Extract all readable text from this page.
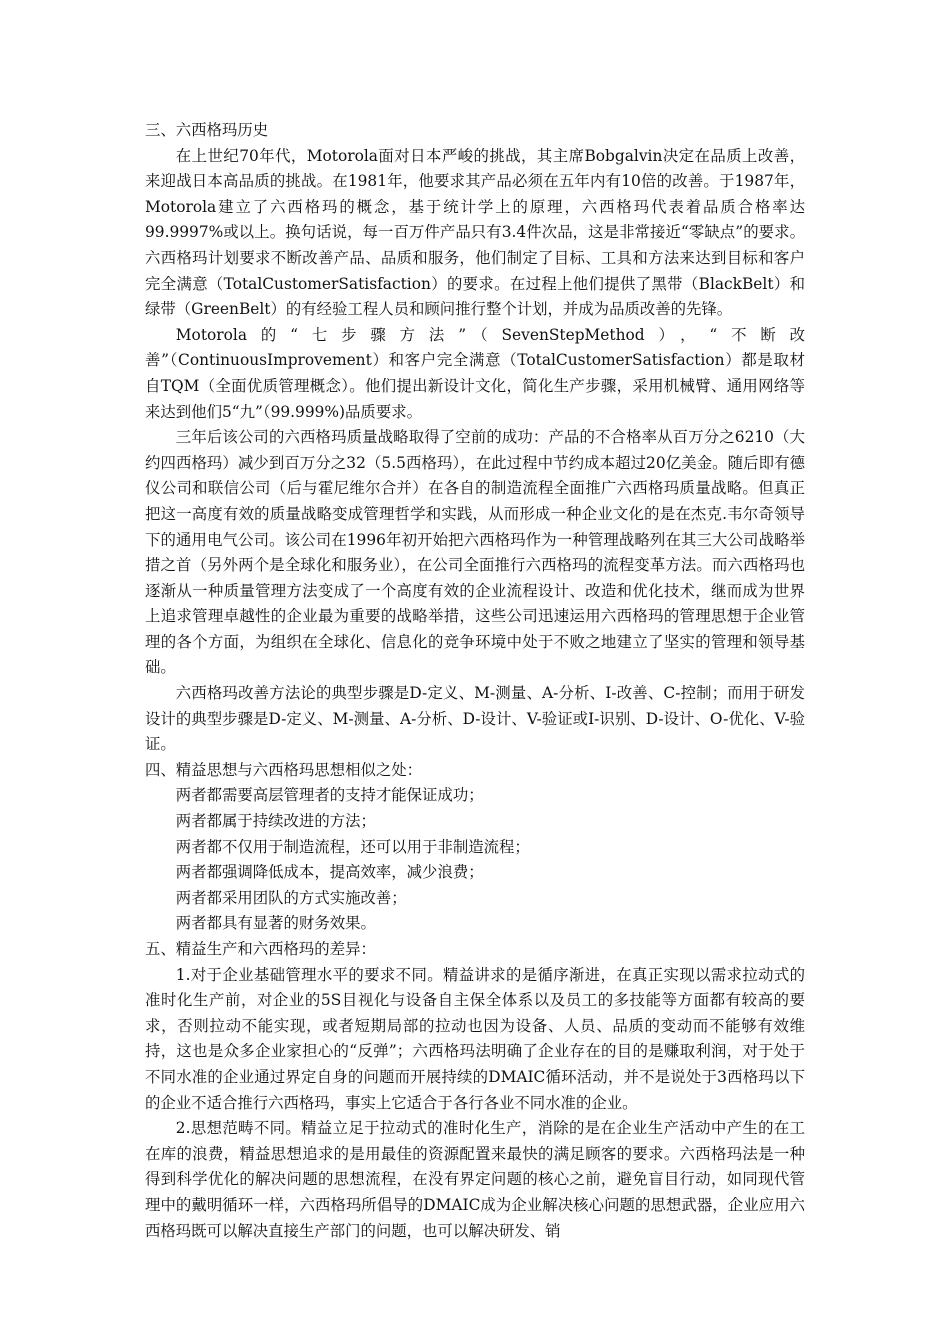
三、六西格玛历史

在上世纪70年代，Motorola面对日本严峻的挑战，其主席Bobgalvin决定在品质上改善，来迎战日本高品质的挑战。在1981年，他要求其产品必须在五年内有10倍的改善。于1987年，Motorola建立了六西格玛的概念，基于统计学上的原理，六西格玛代表着品质合格率达99.9997%或以上。换句话说，每一百万件产品只有3.4件次品，这是非常接近“零缺点”的要求。六西格玛计划要求不断改善产品、品质和服务，他们制定了目标、工具和方法来达到目标和客户完全满意（TotalCustomerSatisfaction）的要求。在过程上他们提供了黑带（BlackBelt）和绿带（GreenBelt）的有经验工程人员和顾问推行整个计划，并成为品质改善的先锋。

Motorola的“七步骤方法”（SevenStepMethod），“不断改善”（ContinuousImprovement）和客户完全满意（TotalCustomerSatisfaction）都是取材自TQM（全面优质管理概念）。他们提出新设计文化，简化生产步骤，采用机械臂、通用网络等来达到他们5“九”（99.999%)品质要求。

三年后该公司的六西格玛质量战略取得了空前的成功：产品的不合格率从百万分之6210（大约四西格玛）减少到百万分之32（5.5西格玛），在此过程中节约成本超过20亿美金。随后即有德仪公司和联信公司（后与霍尼维尔合并）在各自的制造流程全面推广六西格玛质量战略。但真正把这一高度有效的质量战略变成管理哲学和实践，从而形成一种企业文化的是在杰克.韦尔奇领导下的通用电气公司。该公司在1996年初开始把六西格玛作为一种管理战略列在其三大公司战略举措之首（另外两个是全球化和服务业），在公司全面推行六西格玛的流程变革方法。而六西格玛也逐渐从一种质量管理方法变成了一个高度有效的企业流程设计、改造和优化技术，继而成为世界上追求管理卓越性的企业最为重要的战略举措，这些公司迅速运用六西格玛的管理思想于企业管理的各个方面，为组织在全球化、信息化的竞争环境中处于不败之地建立了坚实的管理和领导基础。

六西格玛改善方法论的典型步骤是D-定义、M-测量、A-分析、I-改善、C-控制；而用于研发设计的典型步骤是D-定义、M-测量、A-分析、D-设计、V-验证或I-识别、D-设计、O-优化、V-验证。

四、精益思想与六西格玛思想相似之处：

两者都需要高层管理者的支持才能保证成功；

两者都属于持续改进的方法；

两者都不仅用于制造流程，还可以用于非制造流程；

两者都强调降低成本，提高效率，减少浪费；

两者都采用团队的方式实施改善；

两者都具有显著的财务效果。

五、精益生产和六西格玛的差异：

1.对于企业基础管理水平的要求不同。精益讲求的是循序渐进，在真正实现以需求拉动式的准时化生产前，对企业的5S目视化与设备自主保全体系以及员工的多技能等方面都有较高的要求，否则拉动不能实现，或者短期局部的拉动也因为设备、人员、品质的变动而不能够有效维持，这也是众多企业家担心的“反弹”；六西格玛法明确了企业存在的目的是赚取利润，对于处于不同水准的企业通过界定自身的问题而开展持续的DMAIC循环活动，并不是说处于3西格玛以下的企业不适合推行六西格玛，事实上它适合于各行各业不同水准的企业。

2.思想范畴不同。精益立足于拉动式的准时化生产，消除的是在企业生产活动中产生的在工在库的浪费，精益思想追求的是用最佳的资源配置来最快的满足顾客的要求。六西格玛法是一种得到科学优化的解决问题的思想流程，在没有界定问题的核心之前，避免盲目行动，如同现代管理中的戴明循环一样，六西格玛所倡导的DMAIC成为企业解决核心问题的思想武器，企业应用六西格玛既可以解决直接生产部门的问题，也可以解决研发、销
